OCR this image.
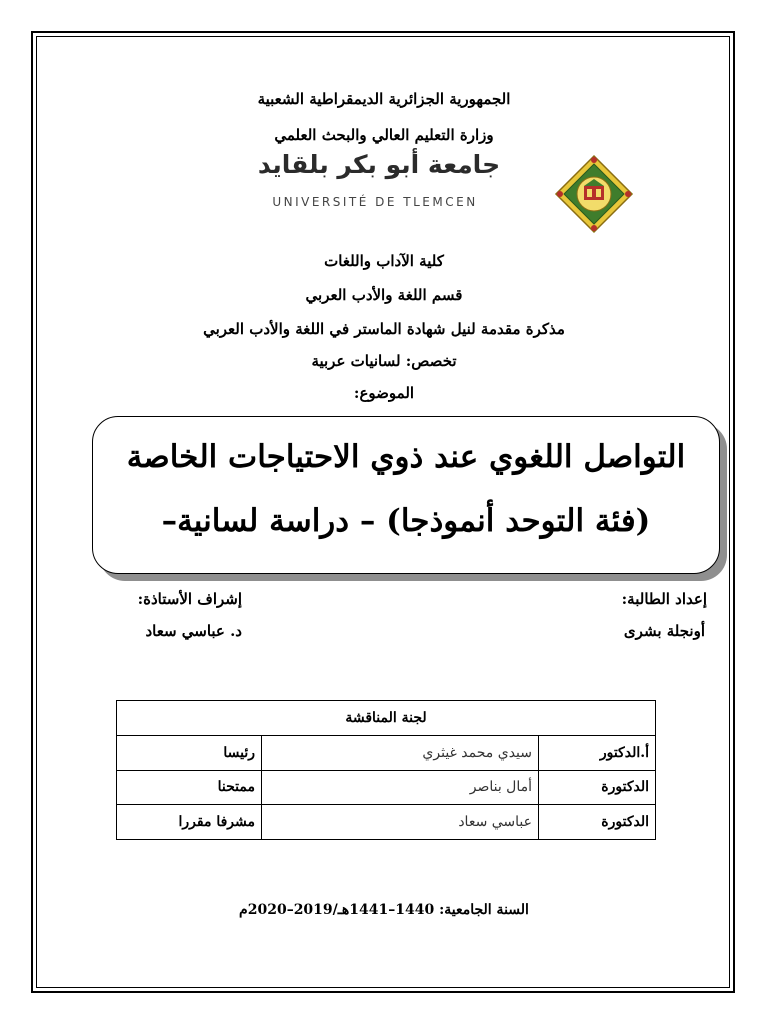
الجمهورية الجزائرية الديمقراطية الشعبية
وزارة التعليم العالي والبحث العلمي
جامعة أبو بكر بلقايد
UNIVERSITÉ DE TLEMCEN
كلية الآداب واللغات
قسم اللغة والأدب العربي
مذكرة مقدمة لنيل شهادة الماستر في اللغة والأدب العربي
تخصص: لسانيات عربية
الموضوع:
التواصل اللغوي عند ذوي الاحتياجات الخاصة
(فئة التوحد أنموذجا) – دراسة لسانية–
إعداد الطالبة:
أونجلة بشرى
إشراف الأستاذة:
د. عباسي سعاد
لجنة المناقشة		
أ.الدكتور	سيدي محمد غيثري	رئيسا
الدكتورة	أمال بناصر	ممتحنا
الدكتورة	عباسي سعاد	مشرفا مقررا
السنة الجامعية: 1440–1441هـ/2019–2020م
